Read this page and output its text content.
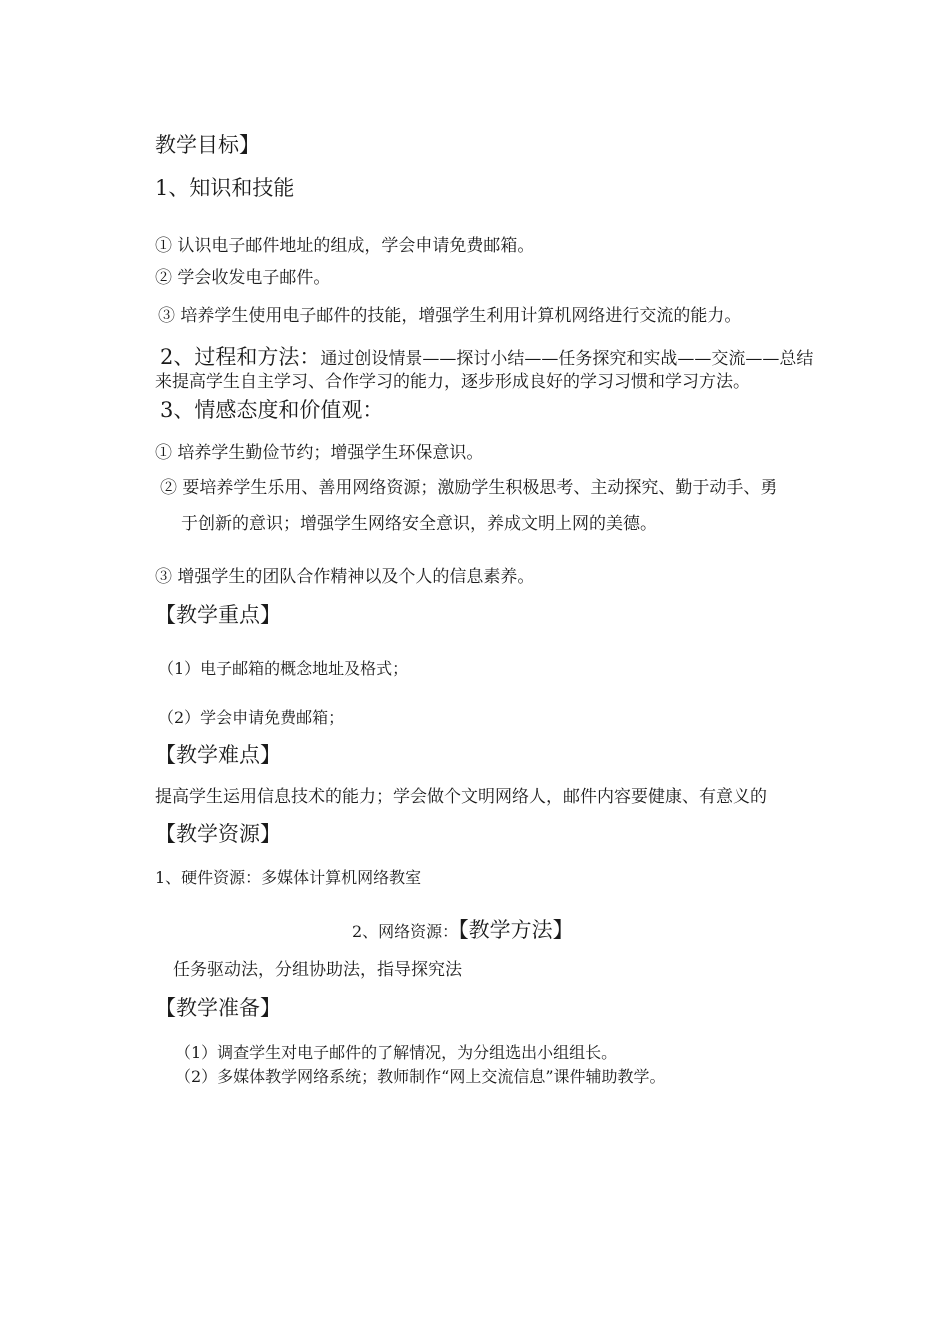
教学目标】
1、知识和技能
① 认识电子邮件地址的组成，学会申请免费邮箱。
② 学会收发电子邮件。
③ 培养学生使用电子邮件的技能，增强学生利用计算机网络进行交流的能力。
2、过程和方法：通过创设情景——探讨小结——任务探究和实战——交流——总结
来提高学生自主学习、合作学习的能力，逐步形成良好的学习习惯和学习方法。
3、情感态度和价值观：
① 培养学生勤俭节约；增强学生环保意识。
② 要培养学生乐用、善用网络资源；激励学生积极思考、主动探究、勤于动手、勇
于创新的意识；增强学生网络安全意识，养成文明上网的美德。
③ 增强学生的团队合作精神以及个人的信息素养。
【教学重点】
（1）电子邮箱的概念地址及格式；
（2）学会申请免费邮箱；
【教学难点】
提高学生运用信息技术的能力；学会做个文明网络人，邮件内容要健康、有意义的
【教学资源】
1、硬件资源：多媒体计算机网络教室
2、网络资源：【教学方法】
任务驱动法，分组协助法，指导探究法
【教学准备】
（1）调查学生对电子邮件的了解情况，为分组选出小组组长。
（2）多媒体教学网络系统；教师制作“网上交流信息”课件辅助教学。
